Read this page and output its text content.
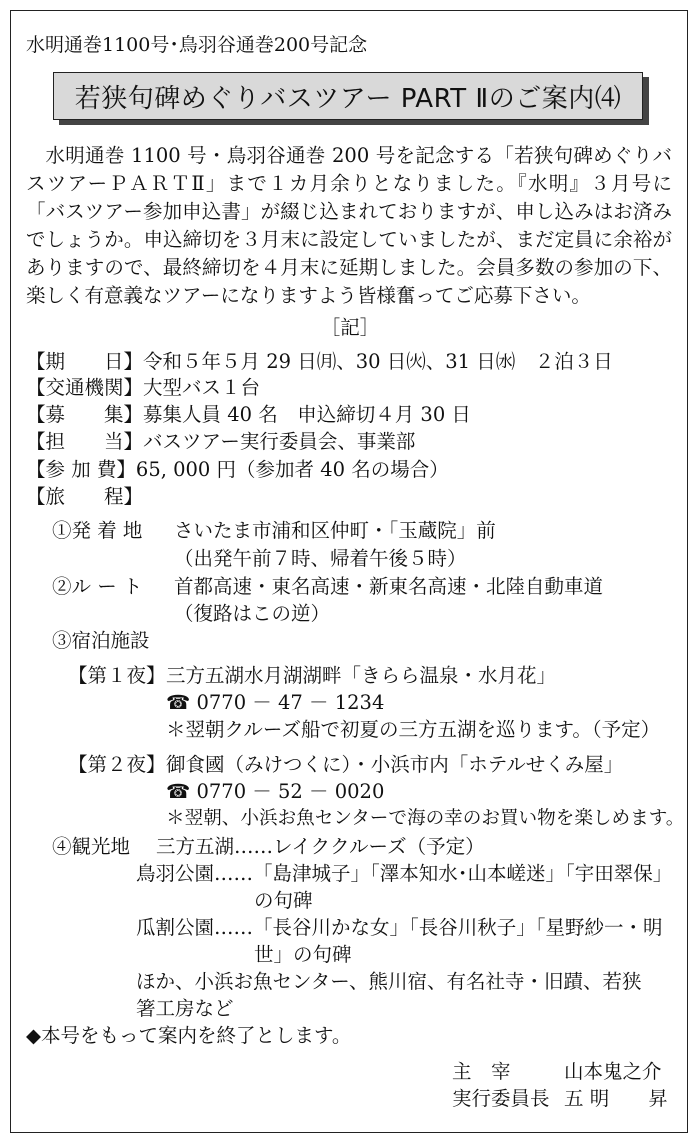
水明通巻1100号･鳥羽谷通巻200号記念
若狭句碑めぐりバスツアー PART Ⅱのご案内⑷
水明通巻 1100 号・鳥羽谷通巻 200 号を記念する「若狭句碑めぐりバスツアーＰＡＲＴⅡ」まで１カ月余りとなりました。『水明』３月号に「バスツアー参加申込書」が綴じ込まれておりますが、申し込みはお済みでしょうか。申込締切を３月末に設定していましたが、まだ定員に余裕がありますので、最終締切を４月末に延期しました。会員多数の参加の下、楽しく有意義なツアーになりますよう皆様奮ってご応募下さい。
［記］
【期　　日】令和５年５月 29 日㈪、30 日㈫、31 日㈬　２泊３日
【交通機関】大型バス１台
【募　　集】募集人員 40 名　申込締切４月 30 日
【担　　当】バスツアー実行委員会、事業部
【参 加 費】65, 000 円（参加者 40 名の場合）
【旅　　程】
①発 着 地 さいたま市浦和区仲町・「玉蔵院」前
（出発午前７時、帰着午後５時）
②ル ー ト 首都高速・東名高速・新東名高速・北陸自動車道
（復路はこの逆）
③宿泊施設
【第１夜】 三方五湖水月湖湖畔「きらら温泉・水月花」
☎ 0770 － 47 － 1234
＊翌朝クルーズ船で初夏の三方五湖を巡ります。（予定）
【第２夜】 御食國（みけつくに）・小浜市内「ホテルせくみ屋」
☎ 0770 － 52 － 0020
＊翌朝、小浜お魚センターで海の幸のお買い物を楽しめます。
④観光地 三方五湖……レイククルーズ（予定）
鳥羽公園……「島津城子」「澤本知水･山本嵯迷」「宇田翠保」
の句碑
瓜割公園……「長谷川かな女」「長谷川秋子」「星野紗一・明
世」の句碑
ほか、小浜お魚センター、熊川宿、有名社寺・旧蹟、若狭
箸工房など
◆本号をもって案内を終了とします。
主　宰	山本鬼之介
実行委員長 五 明　　昇
